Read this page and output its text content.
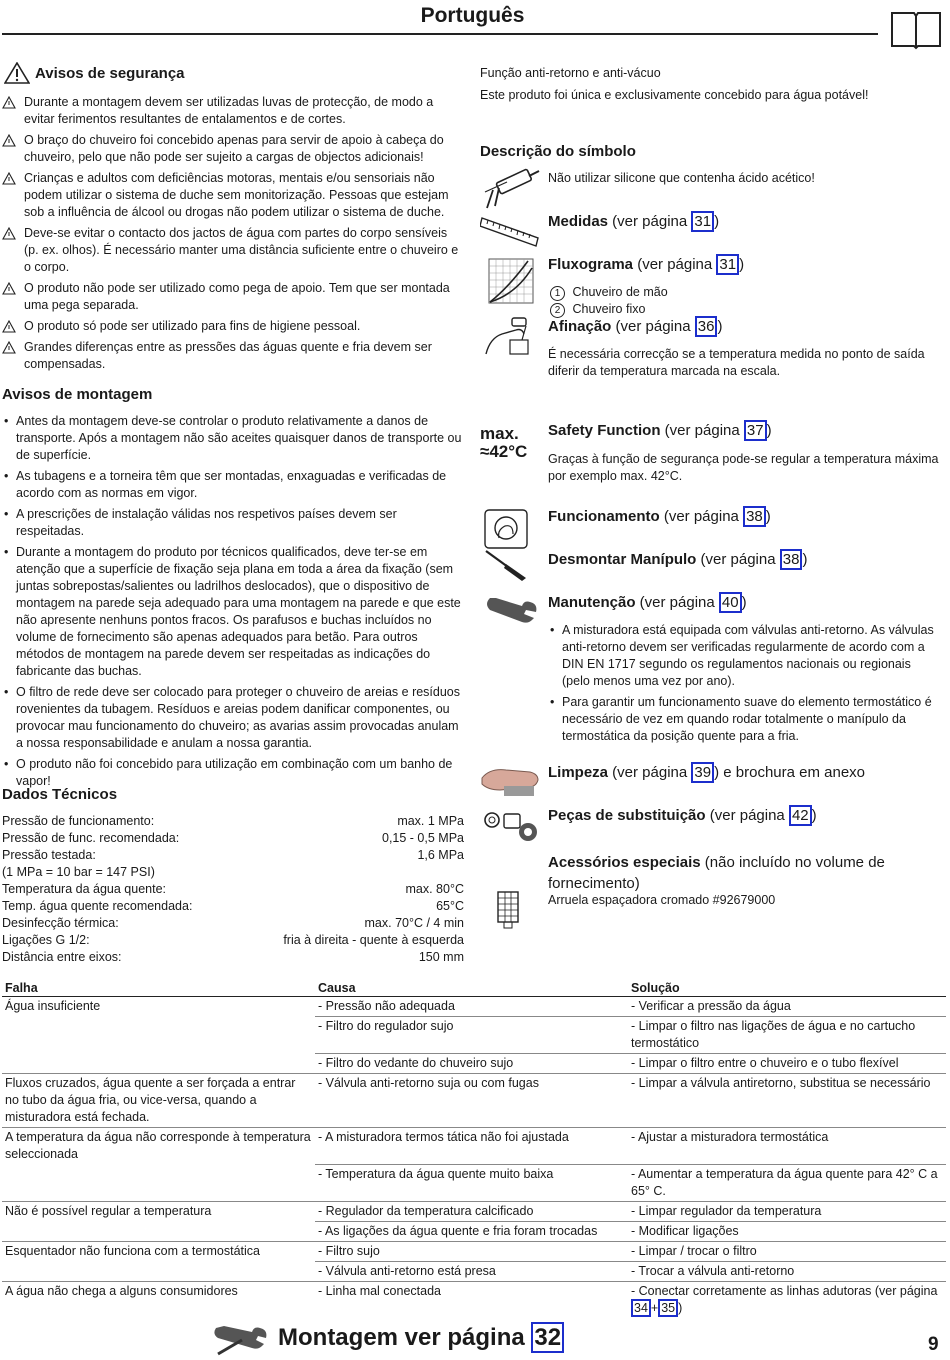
Português
Avisos de segurança
Durante a montagem devem ser utilizadas luvas de protecção, de modo a evitar ferimentos resultantes de entalamentos e de cortes.
O braço do chuveiro foi concebido apenas para servir de apoio à cabeça do chuveiro, pelo que não pode ser sujeito a cargas de objectos adicionais!
Crianças e adultos com deficiências motoras, mentais e/ou sensoriais não podem utilizar o sistema de duche sem monitorização. Pessoas que estejam sob a influência de álcool ou drogas não podem utilizar o sistema de duche.
Deve-se evitar o contacto dos jactos de água com partes do corpo sensíveis (p. ex. olhos). É necessário manter uma distância suficiente entre o chuveiro e o corpo.
O produto não pode ser utilizado como pega de apoio. Tem que ser montada uma pega separada.
O produto só pode ser utilizado para fins de higiene pessoal.
Grandes diferenças entre as pressões das águas quente e fria devem ser compensadas.
Avisos de montagem
• Antes da montagem deve-se controlar o produto relativamente a danos de transporte. Após a montagem não são aceites quaisquer danos de transporte ou de superfície.
• As tubagens e a torneira têm que ser montadas, enxaguadas e verificadas de acordo com as normas em vigor.
• A prescrições de instalação válidas nos respetivos países devem ser respeitadas.
• Durante a montagem do produto por técnicos qualificados, deve ter-se em atenção que a superfície de fixação seja plana em toda a área da fixação (sem juntas sobrepostas/salientes ou ladrilhos deslocados), que o dispositivo de montagem na parede seja adequado para uma montagem na parede e que este não apresente nenhuns pontos fracos. Os parafusos e buchas incluídos no volume de fornecimento são apenas adequados para betão. Para outros métodos de montagem na parede devem ser respeitadas as indicações do fabricante das buchas.
• O filtro de rede deve ser colocado para proteger o chuveiro de areias e resíduos rovenientes da tubagem. Resíduos e areias podem danificar componentes, ou provocar mau funcionamento do chuveiro; as avarias assim provocadas anulam a nossa responsabilidade e anulam a nossa garantia.
• O produto não foi concebido para utilização em combinação com um banho de vapor!
Dados Técnicos
Pressão de funcionamento:	max. 1 MPa
Pressão de func. recomendada:	0,15 - 0,5 MPa
Pressão testada:	1,6 MPa
(1 MPa = 10 bar = 147 PSI)
Temperatura da água quente:	max. 80°C
Temp. água quente recomendada:	65°C
Desinfecção térmica:	max. 70°C / 4 min
Ligações G 1/2:	fria à direita - quente à esquerda
Distância entre eixos:	150 mm
Função anti-retorno e anti-vácuo
Este produto foi única e exclusivamente concebido para água potável!
Descrição do símbolo
Não utilizar silicone que contenha ácido acético!
Medidas (ver página 31 )
Fluxograma (ver página 31 )
1 Chuveiro de mão
2 Chuveiro fixo
Afinação (ver página 36 )
É necessária correcção se a temperatura medida no ponto de saída diferir da temperatura marcada na escala.
max.
≈42°C
Safety Function (ver página 37 )
Graças à função de segurança pode-se regular a temperatura máxima por exemplo max. 42°C.
Funcionamento (ver página 38 )
Desmontar Manípulo (ver página 38 )
Manutenção (ver página 40 )
• A misturadora está equipada com válvulas anti-retorno. As válvulas anti-retorno devem ser verificadas regularmente de acordo com a DIN EN 1717 segundo os regulamentos nacionais ou regionais (pelo menos uma vez por ano).
• Para garantir um funcionamento suave do elemento termostático é necessário de vez em quando rodar totalmente o manípulo da termostática da posição quente para a fria.
Limpeza (ver página 39 ) e brochura em anexo
Peças de substituição (ver página 42 )
Acessórios especiais (não incluído no volume de fornecimento)
Arruela espaçadora cromado #92679000
Falha	Causa	Solução
Água insuficiente	- Pressão não adequada	- Verificar a pressão da água
	- Filtro do regulador sujo	- Limpar o filtro nas ligações de água e no cartucho termostático
	- Filtro do vedante do chuveiro sujo	- Limpar o filtro entre o chuveiro e o tubo flexível
Fluxos cruzados, água quente a ser forçada a entrar no tubo da água fria, ou vice-versa, quando a misturadora está fechada.	- Válvula anti-retorno suja ou com fugas	- Limpar a válvula antiretorno, substitua se necessário
A temperatura da água não corresponde à temperatura seleccionada	- A misturadora termos tática não foi ajustada	- Ajustar a misturadora termostática
	- Temperatura da água quente muito baixa	- Aumentar a temperatura da água quente para 42° C a 65° C.
Não é possível regular a temperatura	- Regulador da temperatura calcificado	- Limpar regulador da temperatura
	- As ligações da água quente e fria foram trocadas	- Modificar ligações
Esquentador não funciona com a termostática	- Filtro sujo	- Limpar / trocar o filtro
	- Válvula anti-retorno está presa	- Trocar a válvula anti-retorno
A água não chega a alguns consumidores	- Linha mal conectada	- Conectar corretamente as linhas adutoras (ver página 34 + 35 )
Montagem ver página 32	9
